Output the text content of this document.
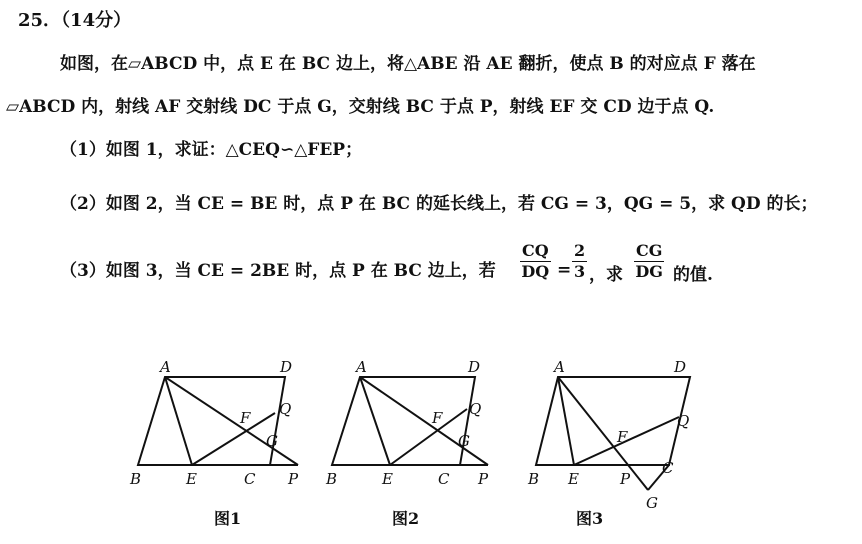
25．（14分）
如图，在▱ABCD 中，点 E 在 BC 边上，将△ABE 沿 AE 翻折，使点 B 的对应点 F 落在
▱ABCD 内，射线 AF 交射线 DC 于点 G，交射线 BC 于点 P，射线 EF 交 CD 边于点 Q.
（1）如图 1，求证：△CEQ∽△FEP；
（2）如图 2，当 CE = BE 时，点 P 在 BC 的延长线上，若 CG = 3，QG = 5，求 QD 的长；
（3）如图 3，当 CE = 2BE 时，点 P 在 BC 边上，若 $\frac{CQ}{DQ} = \frac{2}{3}$ ，求 $\frac{CG}{DG}$ 的值.
A	D
B	E	C P
F Q
G
图1
A	D
B	E	C P
F Q
G
图2
A	D
B E	P
C
F
Q
G
图3
